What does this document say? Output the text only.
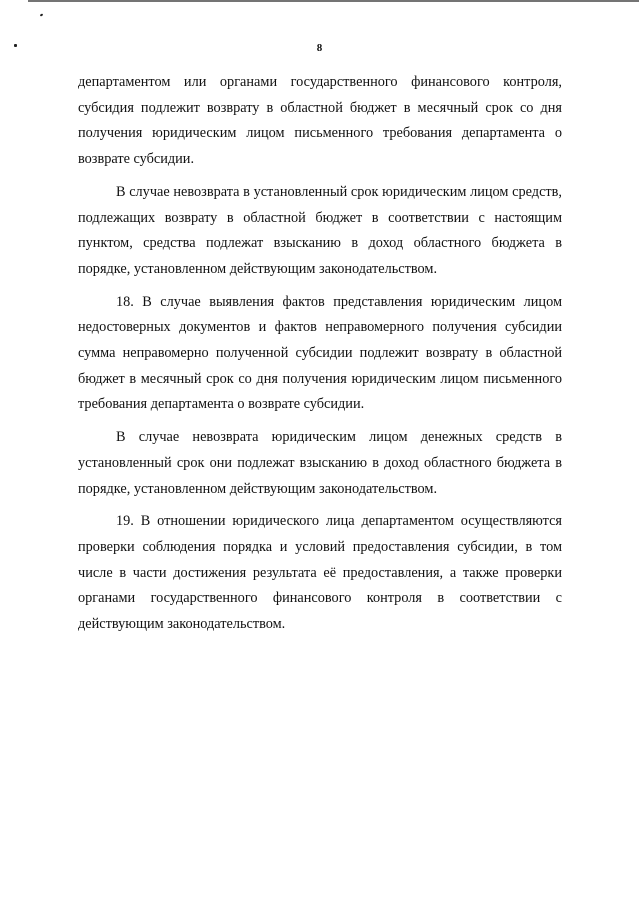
8

департаментом или органами государственного финансового контроля, субсидия подлежит возврату в областной бюджет в месячный срок со дня получения юридическим лицом письменного требования департамента о возврате субсидии.

В случае невозврата в установленный срок юридическим лицом средств, подлежащих возврату в областной бюджет в соответствии с настоящим пунктом, средства подлежат взысканию в доход областного бюджета в порядке, установленном действующим законодательством.

18. В случае выявления фактов представления юридическим лицом недостоверных документов и фактов неправомерного получения субсидии сумма неправомерно полученной субсидии подлежит возврату в областной бюджет в месячный срок со дня получения юридическим лицом письменного требования департамента о возврате субсидии.

В случае невозврата юридическим лицом денежных средств в установленный срок они подлежат взысканию в доход областного бюджета в порядке, установленном действующим законодательством.

19. В отношении юридического лица департаментом осуществляются проверки соблюдения порядка и условий предоставления субсидии, в том числе в части достижения результата её предоставления, а также проверки органами государственного финансового контроля в соответствии с действующим законодательством.
